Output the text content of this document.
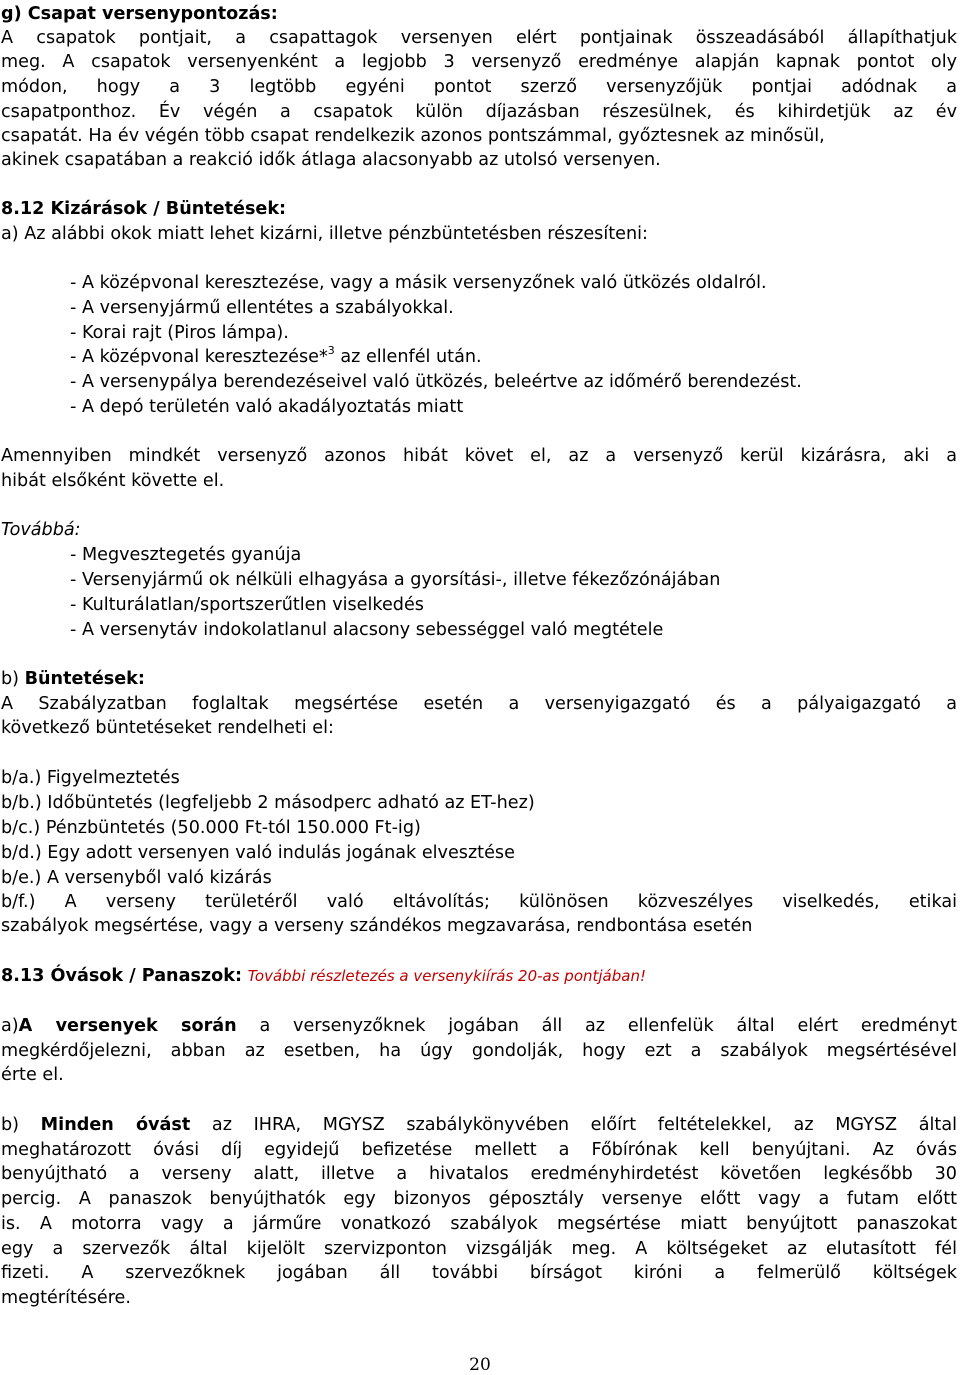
g) Csapat versenypontozás:
A csapatok pontjait, a csapattagok versenyen elért pontjainak összeadásából állapíthatjuk
meg. A csapatok versenyenként a legjobb 3 versenyző eredménye alapján kapnak pontot oly
módon, hogy a 3 legtöbb egyéni pontot szerző versenyzőjük pontjai adódnak a
csapatponthoz. Év végén a csapatok külön díjazásban részesülnek, és kihirdetjük az év
csapatát. Ha év végén több csapat rendelkezik azonos pontszámmal, győztesnek az minősül,
akinek csapatában a reakció idők átlaga alacsonyabb az utolsó versenyen.
8.12 Kizárások / Büntetések:
a) Az alábbi okok miatt lehet kizárni, illetve pénzbüntetésben részesíteni:
- A középvonal keresztezése, vagy a másik versenyzőnek való ütközés oldalról.
- A versenyjármű ellentétes a szabályokkal.
- Korai rajt (Piros lámpa).
- A középvonal keresztezése*$^3$ az ellenfél után.
- A versenypálya berendezéseivel való ütközés, beleértve az időmérő berendezést.
- A depó területén való akadályoztatás miatt
Amennyiben mindkét versenyző azonos hibát követ el, az a versenyző kerül kizárásra, aki a
hibát elsőként követte el.
Továbbá:
- Megvesztegetés gyanúja
- Versenyjármű ok nélküli elhagyása a gyorsítási-, illetve fékezőzónájában
- Kulturálatlan/sportszerűtlen viselkedés
- A versenytáv indokolatlanul alacsony sebességgel való megtétele
b) Büntetések:
A Szabályzatban foglaltak megsértése esetén a versenyigazgató és a pályaigazgató a
következő büntetéseket rendelheti el:
b/a.) Figyelmeztetés
b/b.) Időbüntetés (legfeljebb 2 másodperc adható az ET-hez)
b/c.) Pénzbüntetés (50.000 Ft-tól 150.000 Ft-ig)
b/d.) Egy adott versenyen való indulás jogának elvesztése
b/e.) A versenyből való kizárás
b/f.) A verseny területéről való eltávolítás; különösen közveszélyes viselkedés, etikai
szabályok megsértése, vagy a verseny szándékos megzavarása, rendbontása esetén
8.13 Óvások / Panaszok: További részletezés a versenykiírás 20-as pontjában!
a)A versenyek során a versenyzőknek jogában áll az ellenfelük által elért eredményt
megkérdőjelezni, abban az esetben, ha úgy gondolják, hogy ezt a szabályok megsértésével
érte el.
b) Minden óvást az IHRA, MGYSZ szabálykönyvében előírt feltételekkel, az MGYSZ által
meghatározott óvási díj egyidejű befizetése mellett a Főbírónak kell benyújtani. Az óvás
benyújtható a verseny alatt, illetve a hivatalos eredményhirdetést követően legkésőbb 30
percig. A panaszok benyújthatók egy bizonyos géposztály versenye előtt vagy a futam előtt
is. A motorra vagy a járműre vonatkozó szabályok megsértése miatt benyújtott panaszokat
egy a szervezők által kijelölt szervizponton vizsgálják meg. A költségeket az elutasított fél
fizeti. A szervezőknek jogában áll további bírságot kiróni a felmerülő költségek
megtérítésére.
20
